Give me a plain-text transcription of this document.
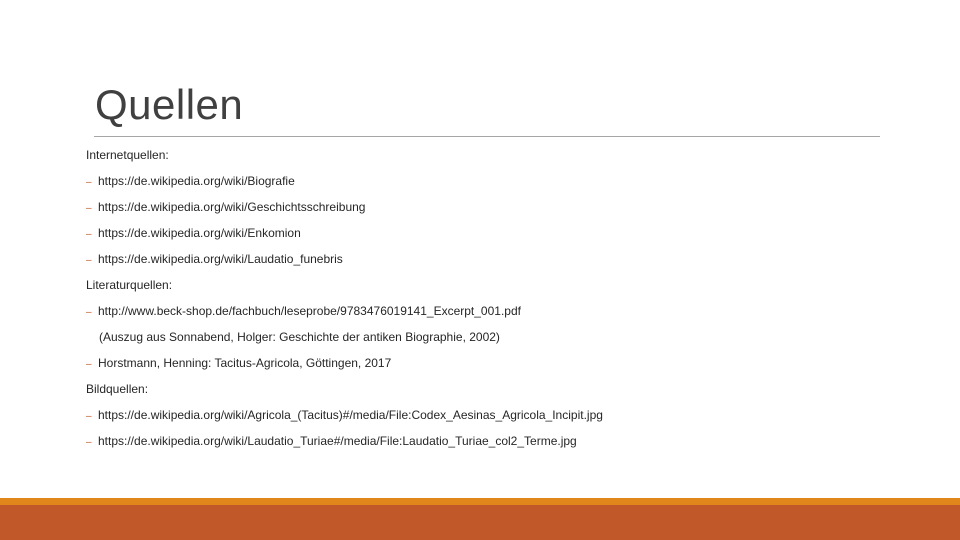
Quellen
Internetquellen:
– https://de.wikipedia.org/wiki/Biografie
– https://de.wikipedia.org/wiki/Geschichtsschreibung
– https://de.wikipedia.org/wiki/Enkomion
– https://de.wikipedia.org/wiki/Laudatio_funebris
Literaturquellen:
– http://www.beck-shop.de/fachbuch/leseprobe/9783476019141_Excerpt_001.pdf
(Auszug aus Sonnabend, Holger: Geschichte der antiken Biographie, 2002)
– Horstmann, Henning: Tacitus-Agricola, Göttingen, 2017
Bildquellen:
– https://de.wikipedia.org/wiki/Agricola_(Tacitus)#/media/File:Codex_Aesinas_Agricola_Incipit.jpg
– https://de.wikipedia.org/wiki/Laudatio_Turiae#/media/File:Laudatio_Turiae_col2_Terme.jpg
